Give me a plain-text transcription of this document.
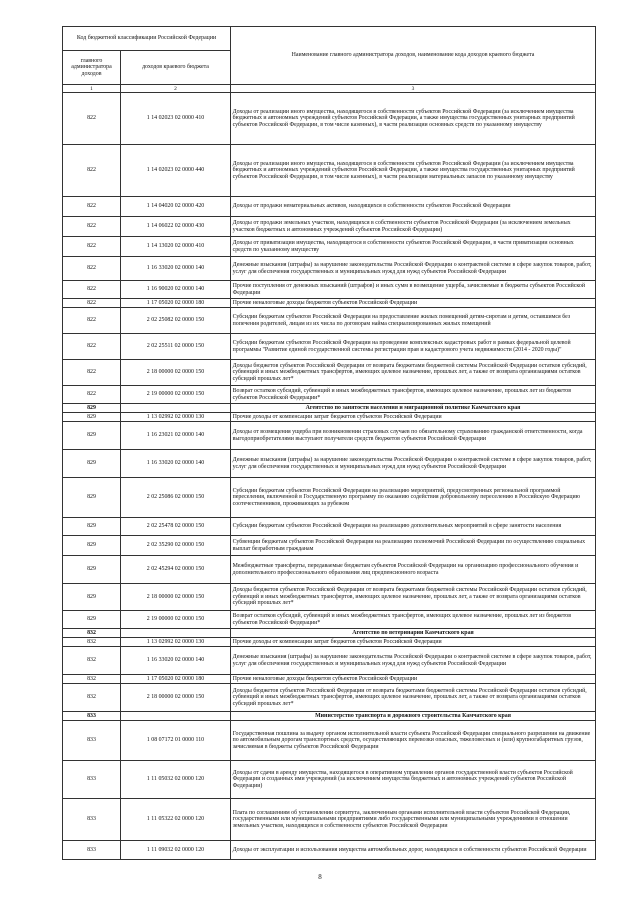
Код бюджетной классификации Российской Федерации		Наименование главного администратора доходов, наименование кода доходов краевого бюджета
главного администратора доходов	доходов краевого бюджета	
1	2	3
822	1 14 02023 02 0000 410	Доходы от реализации иного имущества, находящегося в собственности субъектов Российской Федерации (за исключением имущества бюджетных и автономных учреждений субъектов Российской Федерации, а также имущества государственных унитарных предприятий субъектов Российской Федерации, в том числе казенных), в части реализации основных средств по указанному имуществу
822	1 14 02023 02 0000 440	Доходы от реализации иного имущества, находящегося в собственности субъектов Российской Федерации (за исключением имущества бюджетных и автономных учреждений субъектов Российской Федерации, а также имущества государственных унитарных предприятий субъектов Российской Федерации, в том числе казенных), в части реализации материальных запасов по указанному имуществу
822	1 14 04020 02 0000 420	Доходы от продажи нематериальных активов, находящихся в собственности субъектов Российской Федерации
822	1 14 06022 02 0000 430	Доходы от продажи земельных участков, находящихся в собственности субъектов Российской Федерации (за исключением земельных участков бюджетных и автономных учреждений субъектов Российской Федерации)
822	1 14 13020 02 0000 410	Доходы от приватизации имущества, находящегося в собственности субъектов Российской Федерации, в части приватизации основных средств по указанному имуществу
822	1 16 33020 02 0000 140	Денежные взыскания (штрафы) за нарушение законодательства Российской Федерации о контрактной системе в сфере закупок товаров, работ, услуг для обеспечения государственных и муниципальных нужд для нужд субъектов Российской Федерации
822	1 16 90020 02 0000 140	Прочие поступления от денежных взысканий (штрафов) и иных сумм в возмещение ущерба, зачисляемые в бюджеты субъектов Российской Федерации
822	1 17 05020 02 0000 180	Прочие неналоговые доходы бюджетов субъектов Российской Федерации
822	2 02 25082 02 0000 150	Субсидии бюджетам субъектов Российской Федерации на предоставление жилых помещений детям-сиротам и детям, оставшимся без попечения родителей, лицам из их числа по договорам найма специализированных жилых помещений
822	2 02 25511 02 0000 150	Субсидии бюджетам субъектов Российской Федерации на проведение комплексных кадастровых работ в рамках федеральной целевой программы "Развитие единой государственной системы регистрации прав и кадастрового учета недвижимости (2014 - 2020 годы)"
822	2 18 00000 02 0000 150	Доходы бюджетов субъектов Российской Федерации от возврата бюджетами бюджетной системы Российской Федерации остатков субсидий, субвенций и иных межбюджетных трансфертов, имеющих целевое назначение, прошлых лет, а также от возврата организациями остатков субсидий прошлых лет*
822	2 19 00000 02 0000 150	Возврат остатков субсидий, субвенций и иных межбюджетных трансфертов, имеющих целевое назначение, прошлых лет из бюджетов субъектов Российской Федерации*
829		Агентство по занятости населения и миграционной политике Камчатского края
829	1 13 02992 02 0000 130	Прочие доходы от компенсации затрат бюджетов субъектов Российской Федерации
829	1 16 23021 02 0000 140	Доходы от возмещения ущерба при возникновении страховых случаев по обязательному страхованию гражданской ответственности, когда выгодоприобретателями выступают получатели средств бюджетов субъектов Российской Федерации
829	1 16 33020 02 0000 140	Денежные взыскания (штрафы) за нарушение законодательства Российской Федерации о контрактной системе в сфере закупок товаров, работ, услуг для обеспечения государственных и муниципальных нужд для нужд субъектов Российской Федерации
829	2 02 25086 02 0000 150	Субсидии бюджетам субъектов Российской Федерации на реализацию мероприятий, предусмотренных региональной программой переселения, включенной в Государственную программу по оказанию содействия добровольному переселению в Российскую Федерацию соотечественников, проживающих за рубежом
829	2 02 25478 02 0000 150	Субсидии бюджетам субъектов Российской Федерации на реализацию дополнительных мероприятий в сфере занятости населения
829	2 02 35290 02 0000 150	Субвенции бюджетам субъектов Российской Федерации на реализацию полномочий Российской Федерации по осуществлению социальных выплат безработным гражданам
829	2 02 45294 02 0000 150	Межбюджетные трансферты, передаваемые бюджетам субъектов Российской Федерации на организацию профессионального обучения и дополнительного профессионального образования лиц предпенсионного возраста
829	2 18 00000 02 0000 150	Доходы бюджетов субъектов Российской Федерации от возврата бюджетами бюджетной системы Российской Федерации остатков субсидий, субвенций и иных межбюджетных трансфертов, имеющих целевое назначение, прошлых лет, а также от возврата организациями остатков субсидий прошлых лет*
829	2 19 00000 02 0000 150	Возврат остатков субсидий, субвенций и иных межбюджетных трансфертов, имеющих целевое назначение, прошлых лет из бюджетов субъектов Российской Федерации*
832		Агентство по ветеринарии Камчатского края
832	1 13 02992 02 0000 130	Прочие доходы от компенсации затрат бюджетов субъектов Российской Федерации
832	1 16 33020 02 0000 140	Денежные взыскания (штрафы) за нарушение законодательства Российской Федерации о контрактной системе в сфере закупок товаров, работ, услуг для обеспечения государственных и муниципальных нужд для нужд субъектов Российской Федерации
832	1 17 05020 02 0000 180	Прочие неналоговые доходы бюджетов субъектов Российской Федерации
832	2 18 00000 02 0000 150	Доходы бюджетов субъектов Российской Федерации от возврата бюджетами бюджетной системы Российской Федерации остатков субсидий, субвенций и иных межбюджетных трансфертов, имеющих целевое назначение, прошлых лет, а также от возврата организациями остатков субсидий прошлых лет*
833		Министерство транспорта и дорожного строительства Камчатского края
833	1 08 07172 01 0000 110	Государственная пошлина за выдачу органом исполнительной власти субъекта Российской Федерации специального разрешения на движение по автомобильным дорогам транспортных средств, осуществляющих перевозки опасных, тяжеловесных и (или) крупногабаритных грузов, зачисляемая в бюджеты субъектов Российской Федерации
833	1 11 05032 02 0000 120	Доходы от сдачи в аренду имущества, находящегося в оперативном управлении органов государственной власти субъектов Российской Федерации и созданных ими учреждений (за исключением имущества бюджетных и автономных учреждений субъектов Российской Федерации)
833	1 11 05322 02 0000 120	Плата по соглашениям об установлении сервитута, заключенным органами исполнительной власти субъектов Российской Федерации, государственными или муниципальными предприятиями либо государственными или муниципальными учреждениями в отношении земельных участков, находящихся в собственности субъектов Российской Федерации
833	1 11 09032 02 0000 120	Доходы от эксплуатации и использования имущества автомобильных дорог, находящихся в собственности субъектов Российской Федерации
8
